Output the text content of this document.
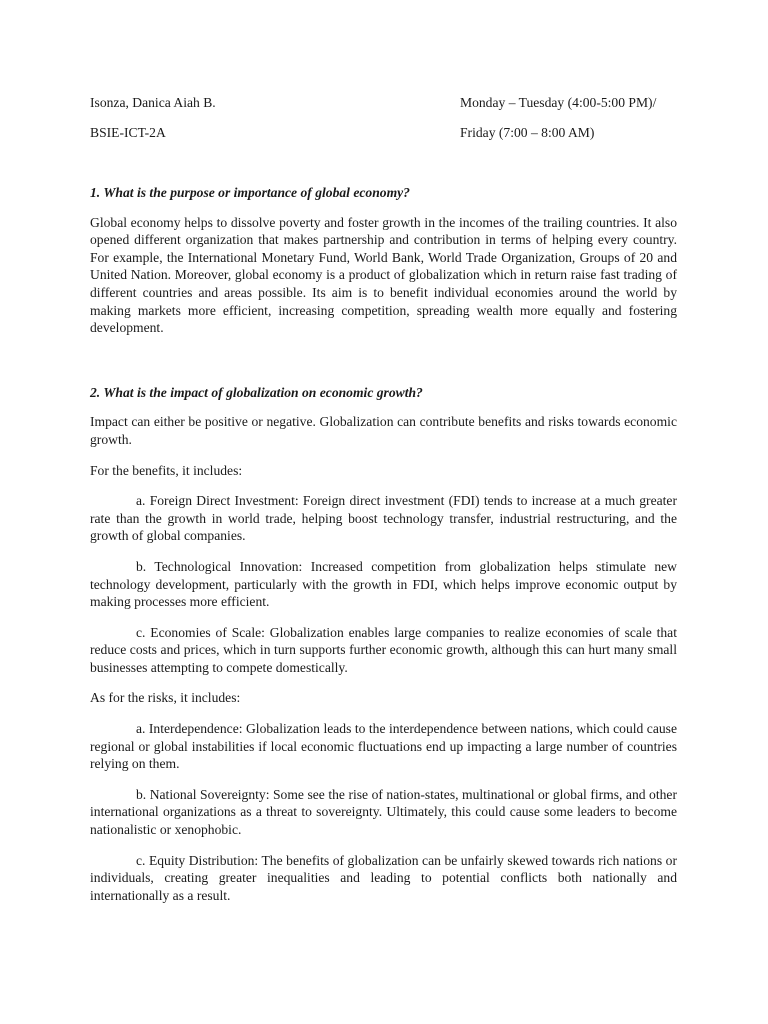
Isonza, Danica Aiah B.	Monday – Tuesday (4:00-5:00 PM)/
BSIE-ICT-2A	Friday (7:00 – 8:00 AM)

1. What is the purpose or importance of global economy?

Global economy helps to dissolve poverty and foster growth in the incomes of the trailing countries. It also opened different organization that makes partnership and contribution in terms of helping every country. For example, the International Monetary Fund, World Bank, World Trade Organization, Groups of 20 and United Nation. Moreover, global economy is a product of globalization which in return raise fast trading of different countries and areas possible. Its aim is to benefit individual economies around the world by making markets more efficient, increasing competition, spreading wealth more equally and fostering development.

2. What is the impact of globalization on economic growth?

Impact can either be positive or negative. Globalization can contribute benefits and risks towards economic growth.

For the benefits, it includes:

a. Foreign Direct Investment: Foreign direct investment (FDI) tends to increase at a much greater rate than the growth in world trade, helping boost technology transfer, industrial restructuring, and the growth of global companies.

b. Technological Innovation: Increased competition from globalization helps stimulate new technology development, particularly with the growth in FDI, which helps improve economic output by making processes more efficient.

c. Economies of Scale: Globalization enables large companies to realize economies of scale that reduce costs and prices, which in turn supports further economic growth, although this can hurt many small businesses attempting to compete domestically.

As for the risks, it includes:

a. Interdependence: Globalization leads to the interdependence between nations, which could cause regional or global instabilities if local economic fluctuations end up impacting a large number of countries relying on them.

b. National Sovereignty: Some see the rise of nation-states, multinational or global firms, and other international organizations as a threat to sovereignty. Ultimately, this could cause some leaders to become nationalistic or xenophobic.

c. Equity Distribution: The benefits of globalization can be unfairly skewed towards rich nations or individuals, creating greater inequalities and leading to potential conflicts both nationally and internationally as a result.
